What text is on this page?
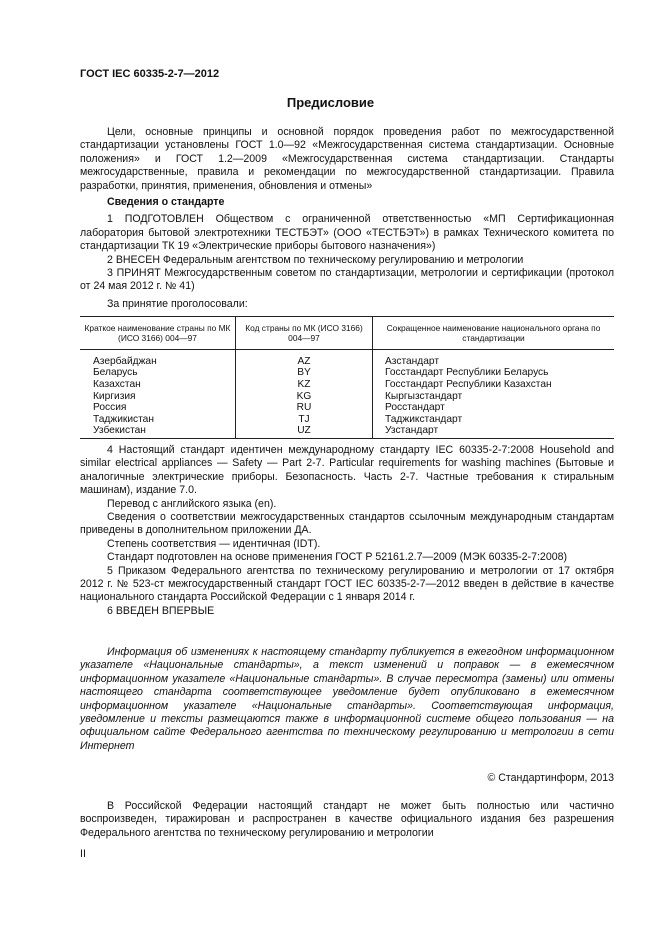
ГОСТ IEC 60335-2-7—2012
Предисловие

Цели, основные принципы и основной порядок проведения работ по межгосударственной стандартизации установлены ГОСТ 1.0—92 «Межгосударственная система стандартизации. Основные положения» и ГОСТ 1.2—2009 «Межгосударственная система стандартизации. Стандарты межгосударственные, правила и рекомендации по межгосударственной стандартизации. Правила разработки, принятия, применения, обновления и отмены»

Сведения о стандарте

1 ПОДГОТОВЛЕН Обществом с ограниченной ответственностью «МП Сертификационная лаборатория бытовой электротехники ТЕСТБЭТ» (ООО «ТЕСТБЭТ») в рамках Технического комитета по стандартизации ТК 19 «Электрические приборы бытового назначения»)

2 ВНЕСЕН Федеральным агентством по техническому регулированию и метрологии

3 ПРИНЯТ Межгосударственным советом по стандартизации, метрологии и сертификации (протокол от 24 мая 2012 г. № 41)

За принятие проголосовали:

Краткое наименование страны по МК (ИСО 3166) 004—97	Код страны по МК (ИСО 3166) 004—97	Сокращенное наименование национального органа по стандартизации
Азербайджан	AZ	Азстандарт
Беларусь	BY	Госстандарт Республики Беларусь
Казахстан	KZ	Госстандарт Республики Казахстан
Киргизия	KG	Кыргызстандарт
Россия	RU	Росстандарт
Таджикистан	TJ	Таджикстандарт
Узбекистан	UZ	Узстандарт

4 Настоящий стандарт идентичен международному стандарту IEC 60335-2-7:2008 Household and similar electrical appliances — Safety — Part 2-7. Particular requirements for washing machines (Бытовые и аналогичные электрические приборы. Безопасность. Часть 2-7. Частные требования к стиральным машинам), издание 7.0.

Перевод с английского языка (en).

Сведения о соответствии межгосударственных стандартов ссылочным международным стандартам приведены в дополнительном приложении ДА.

Степень соответствия — идентичная (IDT).

Стандарт подготовлен на основе применения ГОСТ Р 52161.2.7—2009 (МЭК 60335-2-7:2008)

5 Приказом Федерального агентства по техническому регулированию и метрологии от 17 октября 2012 г. № 523-ст межгосударственный стандарт ГОСТ IEC 60335-2-7—2012 введен в действие в качестве национального стандарта Российской Федерации с 1 января 2014 г.

6 ВВЕДЕН ВПЕРВЫЕ

Информация об изменениях к настоящему стандарту публикуется в ежегодном информационном указателе «Национальные стандарты», а текст изменений и поправок — в ежемесячном информационном указателе «Национальные стандарты». В случае пересмотра (замены) или отмены настоящего стандарта соответствующее уведомление будет опубликовано в ежемесячном информационном указателе «Национальные стандарты». Соответствующая информация, уведомление и тексты размещаются также в информационной системе общего пользования — на официальном сайте Федерального агентства по техническому регулированию и метрологии в сети Интернет

© Стандартинформ, 2013

В Российской Федерации настоящий стандарт не может быть полностью или частично воспроизведен, тиражирован и распространен в качестве официального издания без разрешения Федерального агентства по техническому регулированию и метрологии

II
